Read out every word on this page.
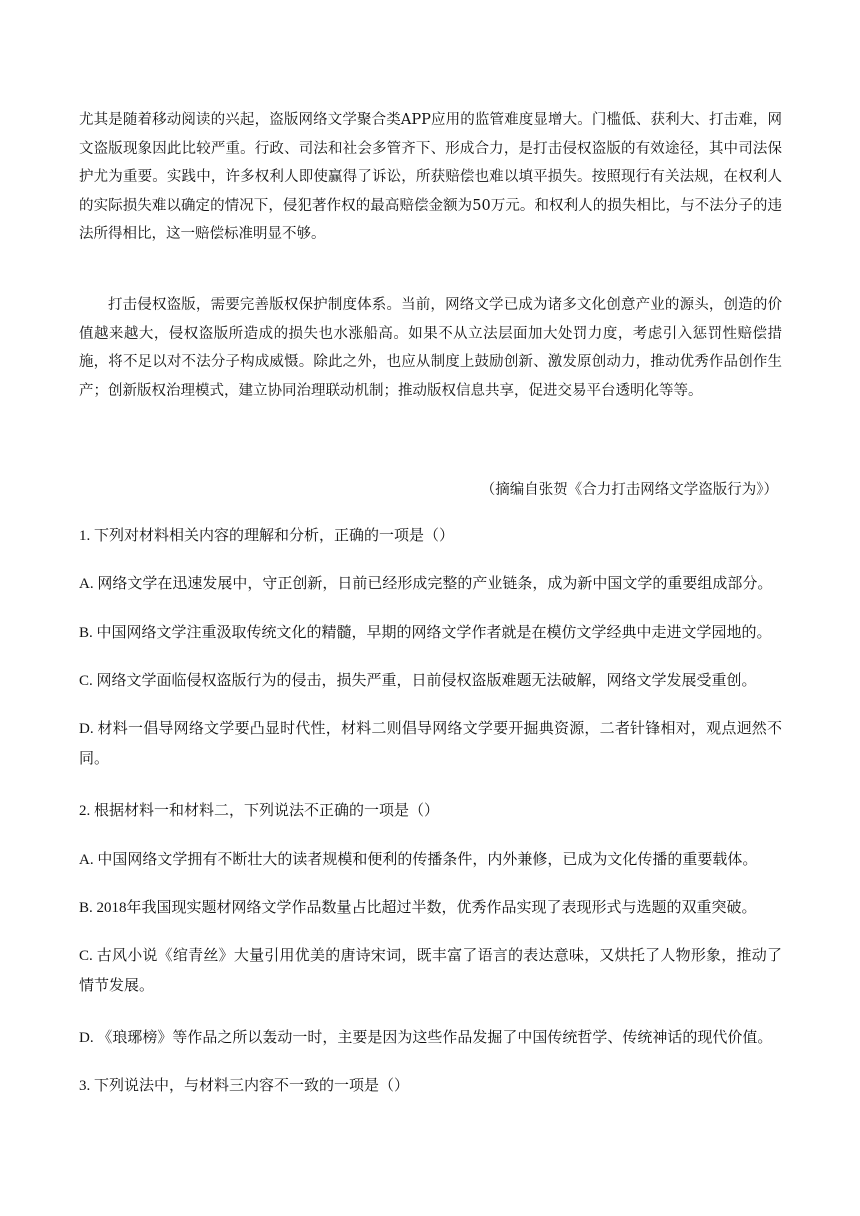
尤其是随着移动阅读的兴起，盗版网络文学聚合类APP应用的监管难度显增大。门槛低、获利大、打击难，网文盗版现象因此比较严重。行政、司法和社会多管齐下、形成合力，是打击侵权盗版的有效途径，其中司法保护尤为重要。实践中，许多权利人即使赢得了诉讼，所获赔偿也难以填平损失。按照现行有关法规，在权利人的实际损失难以确定的情况下，侵犯著作权的最高赔偿金额为50万元。和权利人的损失相比，与不法分子的违法所得相比，这一赔偿标准明显不够。

打击侵权盗版，需要完善版权保护制度体系。当前，网络文学已成为诸多文化创意产业的源头，创造的价值越来越大，侵权盗版所造成的损失也水涨船高。如果不从立法层面加大处罚力度，考虑引入惩罚性赔偿措施，将不足以对不法分子构成威慑。除此之外，也应从制度上鼓励创新、激发原创动力，推动优秀作品创作生产；创新版权治理模式，建立协同治理联动机制；推动版权信息共享，促进交易平台透明化等等。

（摘编自张贺《合力打击网络文学盗版行为》）

1. 下列对材料相关内容的理解和分析，正确的一项是（）

A. 网络文学在迅速发展中，守正创新，日前已经形成完整的产业链条，成为新中国文学的重要组成部分。

B. 中国网络文学注重汲取传统文化的精髓，早期的网络文学作者就是在模仿文学经典中走进文学园地的。

C. 网络文学面临侵权盗版行为的侵击，损失严重，日前侵权盗版难题无法破解，网络文学发展受重创。

D. 材料一倡导网络文学要凸显时代性，材料二则倡导网络文学要开掘典资源，二者针锋相对，观点迥然不同。

2. 根据材料一和材料二，下列说法不正确的一项是（）

A. 中国网络文学拥有不断壮大的读者规模和便利的传播条件，内外兼修，已成为文化传播的重要载体。

B. 2018年我国现实题材网络文学作品数量占比超过半数，优秀作品实现了表现形式与选题的双重突破。

C. 古风小说《绾青丝》大量引用优美的唐诗宋词，既丰富了语言的表达意味，又烘托了人物形象，推动了情节发展。

D. 《琅琊榜》等作品之所以轰动一时，主要是因为这些作品发掘了中国传统哲学、传统神话的现代价值。

3. 下列说法中，与材料三内容不一致的一项是（）
